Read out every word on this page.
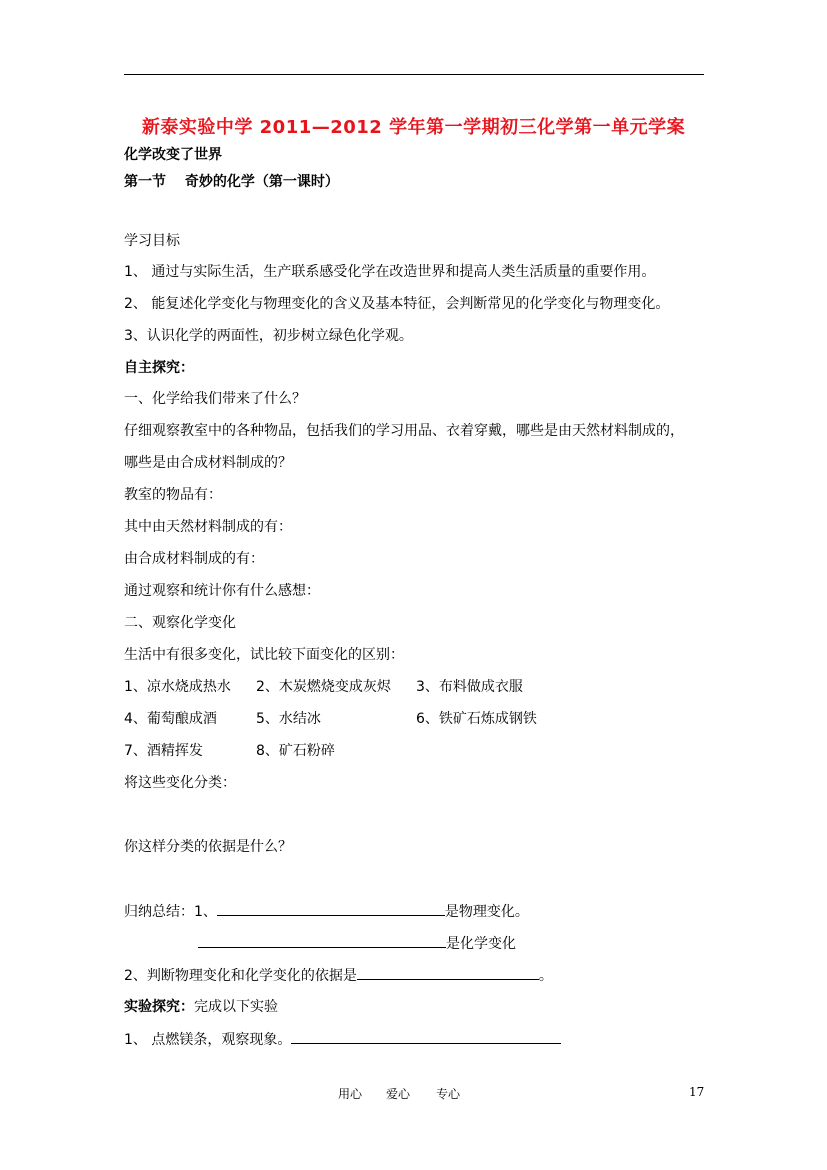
新泰实验中学 2011—2012 学年第一学期初三化学第一单元学案
化学改变了世界
第一节　 奇妙的化学（第一课时）
学习目标
1、 通过与实际生活，生产联系感受化学在改造世界和提高人类生活质量的重要作用。
2、 能复述化学变化与物理变化的含义及基本特征，会判断常见的化学变化与物理变化。
3、认识化学的两面性，初步树立绿色化学观。
自主探究：
一、化学给我们带来了什么？
仔细观察教室中的各种物品，包括我们的学习用品、衣着穿戴，哪些是由天然材料制成的，
哪些是由合成材料制成的？
教室的物品有：
其中由天然材料制成的有：
由合成材料制成的有：
通过观察和统计你有什么感想：
二、观察化学变化
生活中有很多变化，试比较下面变化的区别：
1、凉水烧成热水 2、木炭燃烧变成灰烬 3、布料做成衣服
4、葡萄酿成酒	5、水结冰	6、铁矿石炼成钢铁
7、酒精挥发	8、矿石粉碎
将这些变化分类：
你这样分类的依据是什么？
归纳总结：1、	是物理变化。
是化学变化
2、判断物理变化和化学变化的依据是	。
实验探究：完成以下实验
1、 点燃镁条，观察现象。
用心 爱心 专心	17
